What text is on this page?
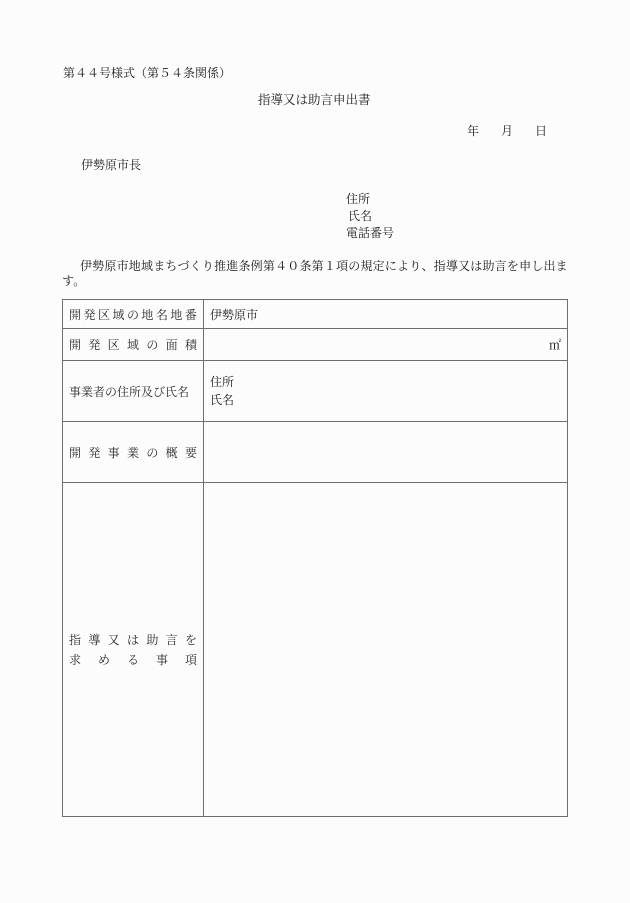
第４４号様式（第５４条関係）
指導又は助言申出書
年 月 日
伊勢原市長
住所
氏名
電話番号
伊勢原市地域まちづくり推進条例第４０条第１項の規定により、指導又は助言を申し出ます。
開 発 区 域 の 地 名 地 番	伊勢原市

開 発 区 域 の 面 積	㎡
事業者の住所及び氏名	住所
氏名

開 発 事 業 の 概 要

指 導 又 は 助 言 を
求 め る 事 項
